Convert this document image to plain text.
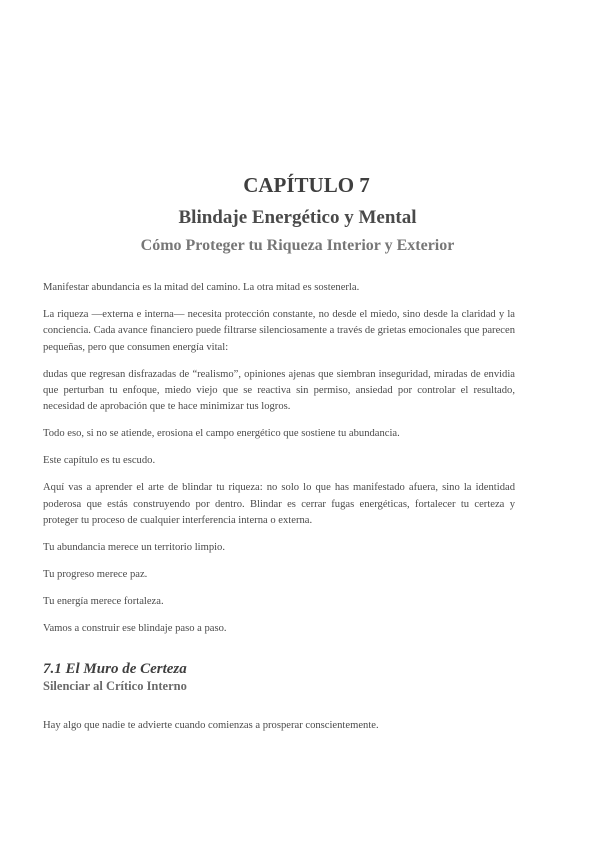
CAPÍTULO 7
Blindaje Energético y Mental
Cómo Proteger tu Riqueza Interior y Exterior

Manifestar abundancia es la mitad del camino. La otra mitad es sostenerla.

La riqueza —externa e interna— necesita protección constante, no desde el miedo, sino desde la claridad y la conciencia. Cada avance financiero puede filtrarse silenciosamente a través de grietas emocionales que parecen pequeñas, pero que consumen energía vital:

dudas que regresan disfrazadas de “realismo”, opiniones ajenas que siembran inseguridad, miradas de envidia que perturban tu enfoque, miedo viejo que se reactiva sin permiso, ansiedad por controlar el resultado, necesidad de aprobación que te hace minimizar tus logros.

Todo eso, si no se atiende, erosiona el campo energético que sostiene tu abundancia.

Este capítulo es tu escudo.

Aquí vas a aprender el arte de blindar tu riqueza: no solo lo que has manifestado afuera, sino la identidad poderosa que estás construyendo por dentro. Blindar es cerrar fugas energéticas, fortalecer tu certeza y proteger tu proceso de cualquier interferencia interna o externa.

Tu abundancia merece un territorio limpio.

Tu progreso merece paz.

Tu energía merece fortaleza.

Vamos a construir ese blindaje paso a paso.

7.1 El Muro de Certeza
Silenciar al Crítico Interno

Hay algo que nadie te advierte cuando comienzas a prosperar conscientemente.
